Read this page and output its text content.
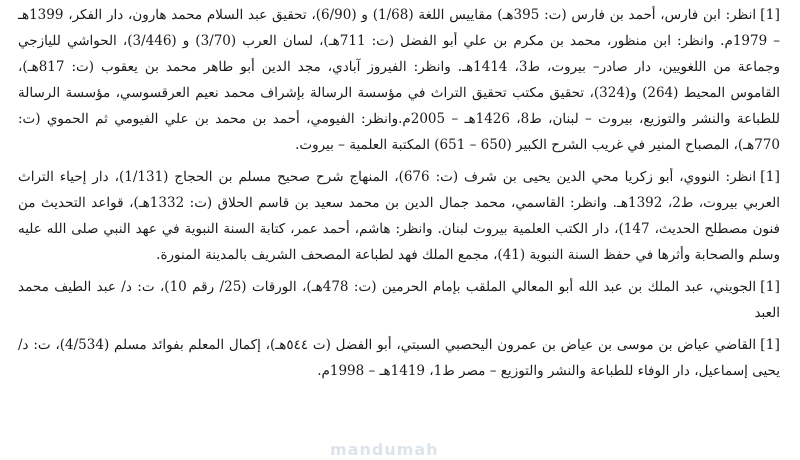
[1]انظر: ابن فارس، أحمد بن فارس (ت: 395هـ) مقاييس اللغة (1/68) و (6/90)، تحقيق عبد السلام محمد هارون، دار الفكر، 1399هـ – 1979م. وانظر: ابن منظور، محمد بن مكرم بن علي أبو الفضل (ت: 711هـ)، لسان العرب (3/70) و (3/446)، الحواشي لليازجي وجماعة من اللغويين، دار صادر– بيروت، ط3، 1414هـ. وانظر: الفيروز آبادي، مجد الدين أبو طاهر محمد بن يعقوب (ت: 817هـ)، القاموس المحيط (264) و(324)، تحقيق مكتب تحقيق التراث في مؤسسة الرسالة بإشراف محمد نعيم العرقسوسي، مؤسسة الرسالة للطباعة والنشر والتوزيع، بيروت – لبنان، ط8، 1426هـ – 2005م.وانظر: الفيومي، أحمد بن محمد بن علي الفيومي ثم الحموي (ت: 770هـ)، المصباح المنير في غريب الشرح الكبير (650 – 651) المكتبة العلمية – بيروت.

[1]انظر: النووي، أبو زكريا محي الدين يحيى بن شرف (ت: 676)، المنهاج شرح صحيح مسلم بن الحجاج (1/131)، دار إحياء التراث العربي بيروت، ط2، 1392هـ. وانظر: القاسمي، محمد جمال الدين بن محمد سعيد بن قاسم الحلاق (ت: 1332هـ)، قواعد التحديث من فنون مصطلح الحديث، 147)، دار الكتب العلمية بيروت لبنان. وانظر: هاشم، أحمد عمر، كتابة السنة النبوية في عهد النبي صلى الله عليه وسلم والصحابة وأثرها في حفظ السنة النبوية (41)، مجمع الملك فهد لطباعة المصحف الشريف بالمدينة المنورة.

[1]الجويني، عبد الملك بن عبد الله أبو المعالي الملقب بإمام الحرمين (ت: 478هـ)، الورقات (25/ رقم 10)، ت: د/ عبد الطيف محمد العبد

[1]القاضي عياض بن موسى بن عياض بن عمرون اليحصبي السبتي، أبو الفضل (ت ٥٤٤هـ)، إكمال المعلم بفوائد مسلم (4/534)، ت: د/ يحيى إسماعيل، دار الوفاء للطباعة والنشر والتوزيع – مصر ط1، 1419هـ – 1998م.

mandumah
